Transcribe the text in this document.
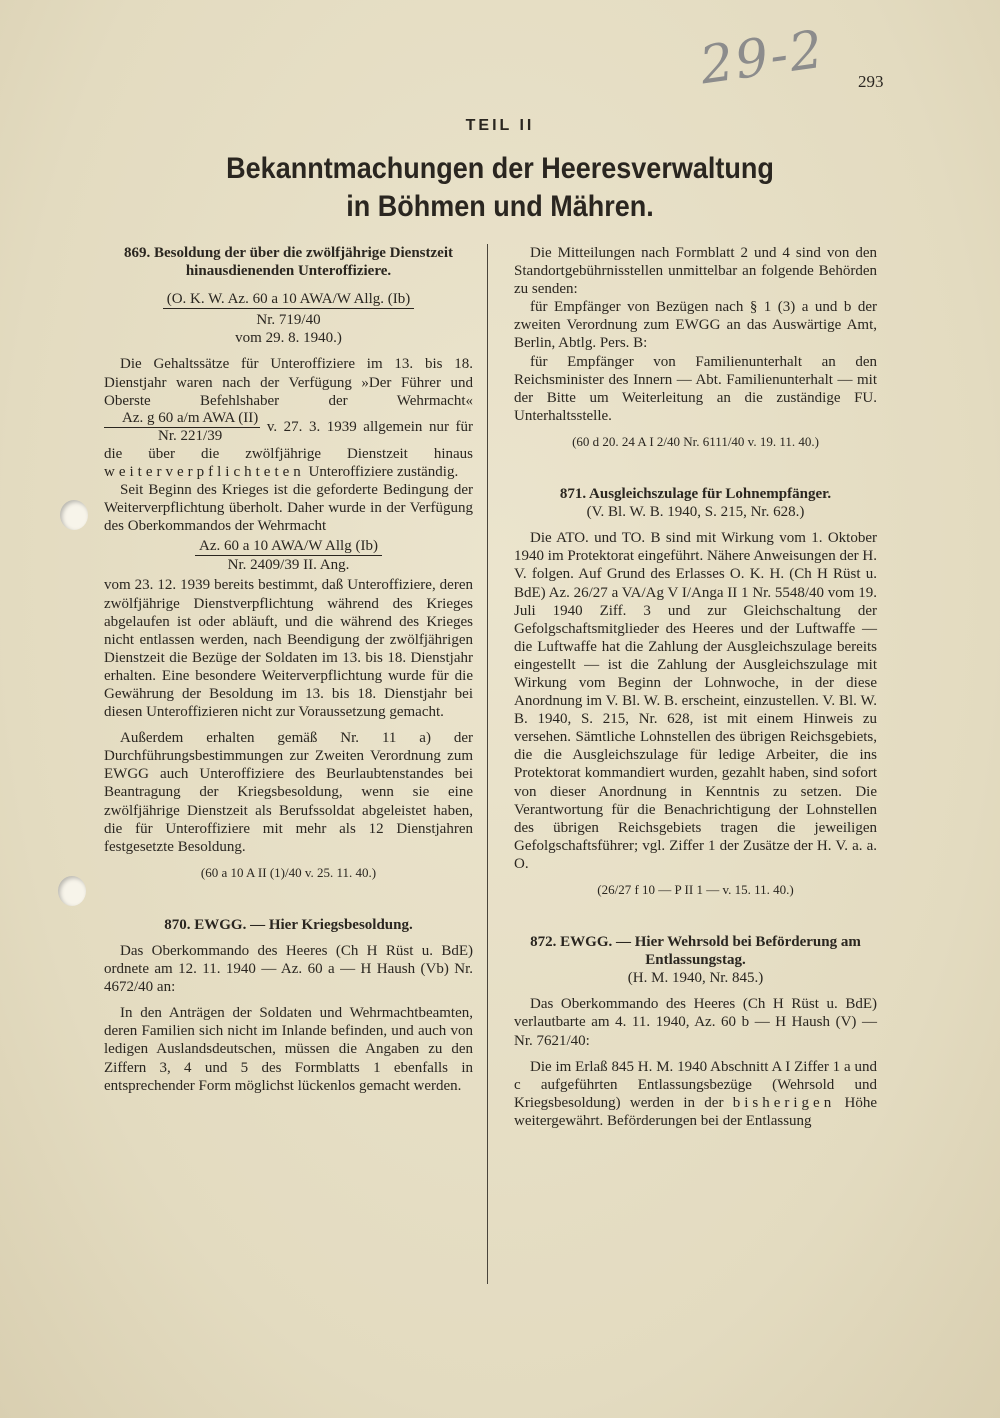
29-2 293
TEIL II
Bekanntmachungen der Heeresverwaltung
in Böhmen und Mähren.
869. Besoldung der über die zwölfjährige Dienstzeit hinausdienenden Unteroffiziere.
(O. K. W. Az. 60 a 10 AWA/W Allg. (Ib)
Nr. 719/40
vom 29. 8. 1940.)
Die Gehaltssätze für Unteroffiziere im 13. bis 18. Dienstjahr waren nach der Verfügung »Der Führer und Oberste Befehlshaber der Wehrmacht«
$\frac{\text{Az. g 60 a/m AWA (II)}}{Nr. 221/39} v$. 27. 3. 1939 allgemein nur für die über die zwölfjährige Dienstzeit hinaus weiterverpflichteten Unteroffiziere zuständig.
Seit Beginn des Krieges ist die geforderte Bedingung der Weiterverpflichtung überholt. Daher wurde in der Verfügung des Oberkommandos der Wehrmacht
Az. 60 a 10 AWA/W Allg (Ib)
Nr. 2409/39 II. Ang.
vom 23. 12. 1939 bereits bestimmt, daß Unteroffiziere, deren zwölfjährige Dienstverpflichtung während des Krieges abgelaufen ist oder abläuft, und die während des Krieges nicht entlassen werden, nach Beendigung der zwölfjährigen Dienstzeit die Bezüge der Soldaten im 13. bis 18. Dienstjahr erhalten. Eine besondere Weiterverpflichtung wurde für die Gewährung der Besoldung im 13. bis 18. Dienstjahr bei diesen Unteroffizieren nicht zur Voraussetzung gemacht.
Außerdem erhalten gemäß Nr. 11 a) der Durchführungsbestimmungen zur Zweiten Verordnung zum EWGG auch Unteroffiziere des Beurlaubtenstandes bei Beantragung der Kriegsbesoldung, wenn sie eine zwölfjährige Dienstzeit als Berufssoldat abgeleistet haben, die für Unteroffiziere mit mehr als 12 Dienstjahren festgesetzte Besoldung.
(60 a 10 A II (1)/40 v. 25. 11. 40.)
870. EWGG. — Hier Kriegsbesoldung.
Das Oberkommando des Heeres (Ch H Rüst u. BdE) ordnete am 12. 11. 1940 — Az. 60 a — H Haush (Vb) Nr. 4672/40 an:
In den Anträgen der Soldaten und Wehrmachtbeamten, deren Familien sich nicht im Inlande befinden, und auch von ledigen Auslandsdeutschen, müssen die Angaben zu den Ziffern 3, 4 und 5 des Formblatts 1 ebenfalls in entsprechender Form möglichst lückenlos gemacht werden.
Die Mitteilungen nach Formblatt 2 und 4 sind von den Standortgebührnisstellen unmittelbar an folgende Behörden zu senden:
für Empfänger von Bezügen nach § 1 (3) a und b der zweiten Verordnung zum EWGG an das Auswärtige Amt, Berlin, Abtlg. Pers. B:
für Empfänger von Familienunterhalt an den Reichsminister des Innern — Abt. Familienunterhalt — mit der Bitte um Weiterleitung an die zuständige FU. Unterhaltsstelle.
(60 d 20. 24 A I 2/40 Nr. 6111/40 v. 19. 11. 40.)
871. Ausgleichszulage für Lohnempfänger.
(V. Bl. W. B. 1940, S. 215, Nr. 628.)
Die ATO. und TO. B sind mit Wirkung vom 1. Oktober 1940 im Protektorat eingeführt. Nähere Anweisungen der H. V. folgen. Auf Grund des Erlasses O. K. H. (Ch H Rüst u. BdE) Az. 26/27 a VA/Ag V I/Anga II 1 Nr. 5548/40 vom 19. Juli 1940 Ziff. 3 und zur Gleichschaltung der Gefolgschaftsmitglieder des Heeres und der Luftwaffe — die Luftwaffe hat die Zahlung der Ausgleichszulage bereits eingestellt — ist die Zahlung der Ausgleichszulage mit Wirkung vom Beginn der Lohnwoche, in der diese Anordnung im V. Bl. W. B. erscheint, einzustellen. V. Bl. W. B. 1940, S. 215, Nr. 628, ist mit einem Hinweis zu versehen. Sämtliche Lohnstellen des übrigen Reichsgebiets, die die Ausgleichszulage für ledige Arbeiter, die ins Protektorat kommandiert wurden, gezahlt haben, sind sofort von dieser Anordnung in Kenntnis zu setzen. Die Verantwortung für die Benachrichtigung der Lohnstellen des übrigen Reichsgebiets tragen die jeweiligen Gefolgschaftsführer; vgl. Ziffer 1 der Zusätze der H. V. a. a. O.
(26/27 f 10 — P II 1 — v. 15. 11. 40.)
872. EWGG. — Hier Wehrsold bei Beförderung am Entlassungstag.
(H. M. 1940, Nr. 845.)
Das Oberkommando des Heeres (Ch H Rüst u. BdE) verlautbarte am 4. 11. 1940, Az. 60 b — H Haush (V) — Nr. 7621/40:
Die im Erlaß 845 H. M. 1940 Abschnitt A I Ziffer 1 a und c aufgeführten Entlassungsbezüge (Wehrsold und Kriegsbesoldung) werden in der bisherigen Höhe weitergewährt. Beförderungen bei der Entlassung
